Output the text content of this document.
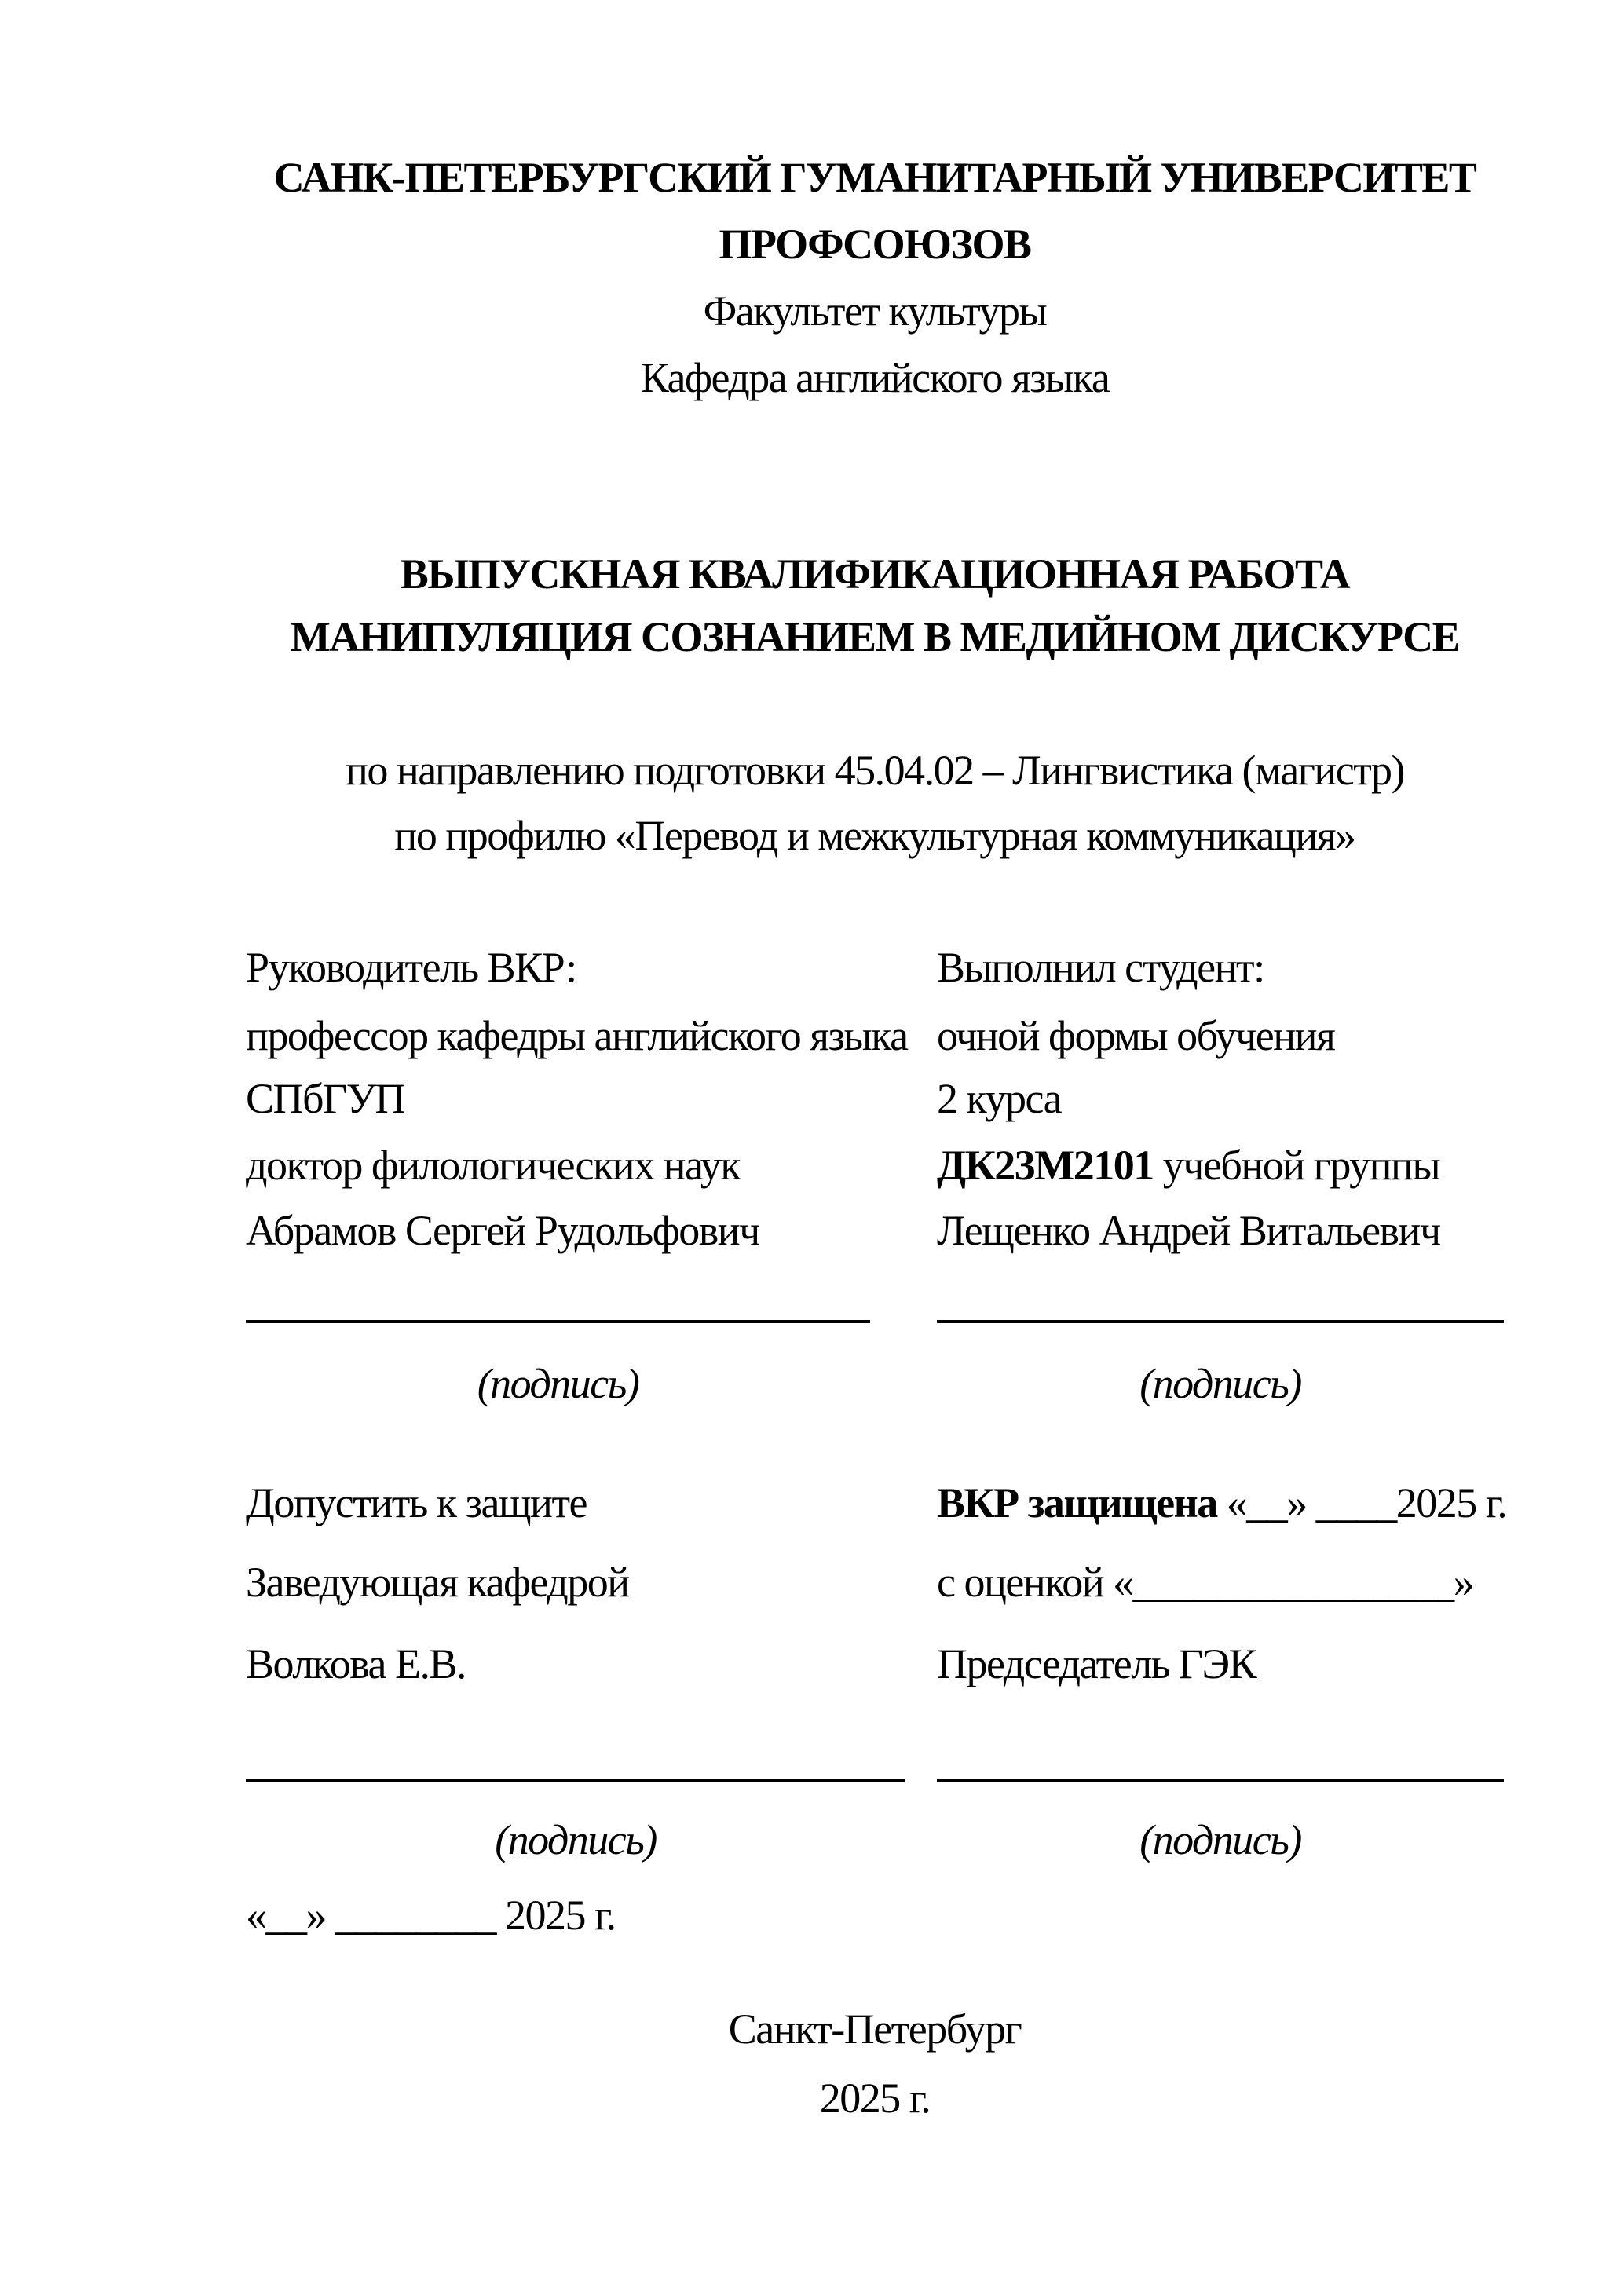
САНК-ПЕТЕРБУРГСКИЙ ГУМАНИТАРНЫЙ УНИВЕРСИТЕТ
ПРОФСОЮЗОВ
Факультет культуры
Кафедра английского языка
ВЫПУСКНАЯ КВАЛИФИКАЦИОННАЯ РАБОТА
МАНИПУЛЯЦИЯ СОЗНАНИЕМ В МЕДИЙНОМ ДИСКУРСЕ
по направлению подготовки 45.04.02 – Лингвистика (магистр)
по профилю «Перевод и межкультурная коммуникация»
Руководитель ВКР:
профессор кафедры английского языка
СПбГУП
доктор филологических наук
Абрамов Сергей Рудольфович
Выполнил студент:
очной формы обучения
2 курса
ДК23М2101 учебной группы
Лещенко Андрей Витальевич
(подпись)	(подпись)
Допустить к защите
Заведующая кафедрой
Волкова Е.В.
ВКР защищена «__» ____2025 г.
с оценкой «________________»
Председатель ГЭК
(подпись)	(подпись)
«__» ________ 2025 г.
Санкт-Петербург
2025 г.
